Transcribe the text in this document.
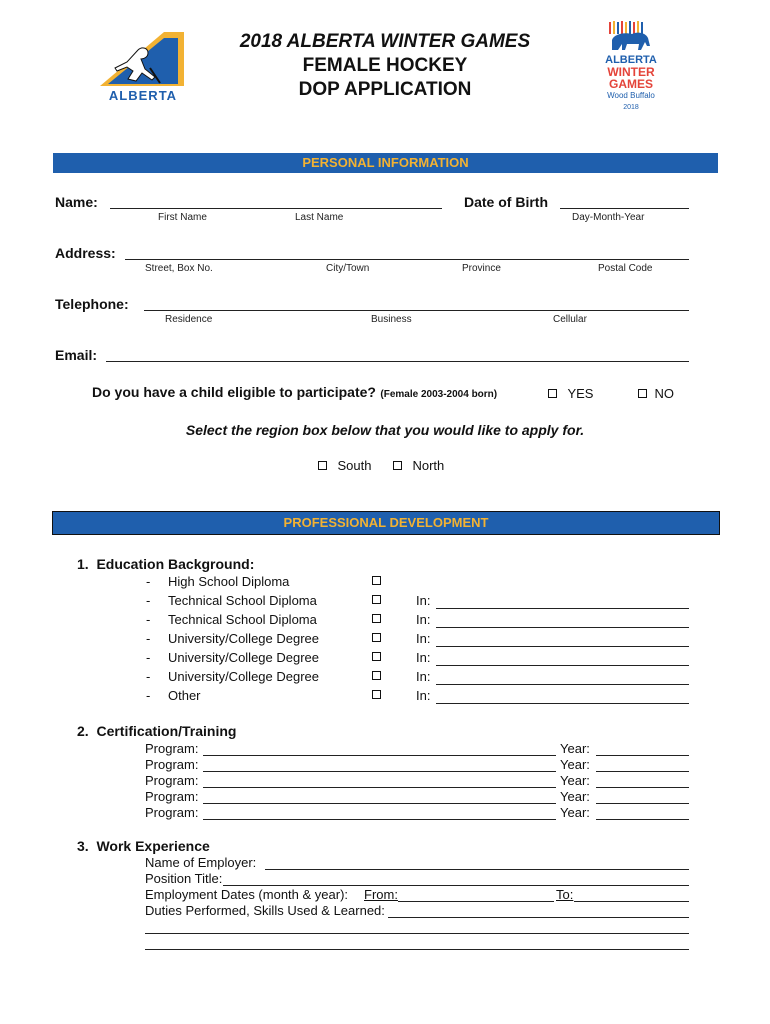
ALBERTA
2018 ALBERTA WINTER GAMES
FEMALE HOCKEY
DOP APPLICATION
ALBERTA
WINTER
GAMES
Wood Buffalo
2018
PERSONAL INFORMATION
Name:
First Name	Last Name
Date of Birth
Day-Month-Year
Address:
Street, Box No.	City/Town	Province	Postal Code
Telephone:
Residence	Business	Cellular
Email:
Do you have a child eligible to participate? (Female 2003-2004 born)	YES	NO
Select the region box below that you would like to apply for.
South	North
PROFESSIONAL DEVELOPMENT
1.  Education Background:
- High School Diploma
- Technical School Diploma	In:
- Technical School Diploma	In:
- University/College Degree	In:
- University/College Degree	In:
- University/College Degree	In:
- Other	In:
2.  Certification/Training
Program:	Year:
Program:	Year:
Program:	Year:
Program:	Year:
Program:	Year:
3.  Work Experience
Name of Employer:
Position Title:
Employment Dates (month & year): From:	To:
Duties Performed, Skills Used & Learned:
